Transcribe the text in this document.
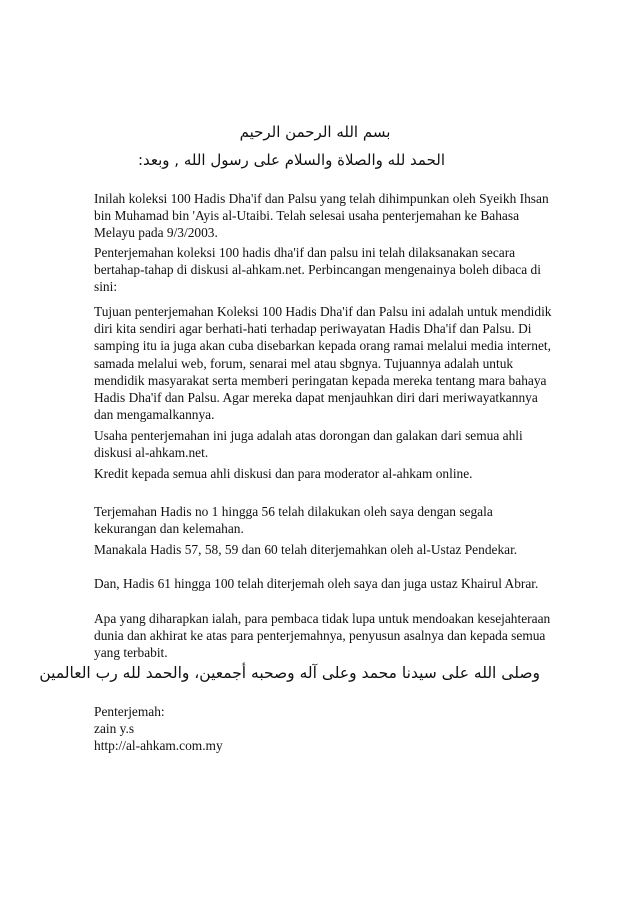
بسم الله الرحمن الرحيم
الحمد لله والصلاة والسلام على رسول الله , وبعد:

Inilah koleksi 100 Hadis Dha'if dan Palsu yang telah dihimpunkan oleh Syeikh Ihsan bin Muhamad bin 'Ayis al-Utaibi. Telah selesai usaha penterjemahan ke Bahasa Melayu pada 9/3/2003.

Penterjemahan koleksi 100 hadis dha'if dan palsu ini telah dilaksanakan secara bertahap-tahap di diskusi al-ahkam.net. Perbincangan mengenainya boleh dibaca di sini:

Tujuan penterjemahan Koleksi 100 Hadis Dha'if dan Palsu ini adalah untuk mendidik diri kita sendiri agar berhati-hati terhadap periwayatan Hadis Dha'if dan Palsu. Di samping itu ia juga akan cuba disebarkan kepada orang ramai melalui media internet, samada melalui web, forum, senarai mel atau sbgnya. Tujuannya adalah untuk mendidik masyarakat serta memberi peringatan kepada mereka tentang mara bahaya Hadis Dha'if dan Palsu. Agar mereka dapat menjauhkan diri dari meriwayatkannya dan mengamalkannya.

Usaha penterjemahan ini juga adalah atas dorongan dan galakan dari semua ahli diskusi al-ahkam.net.

Kredit kepada semua ahli diskusi dan para moderator al-ahkam online.

Terjemahan Hadis no 1 hingga 56 telah dilakukan oleh saya dengan segala kekurangan dan kelemahan.

Manakala Hadis 57, 58, 59 dan 60 telah diterjemahkan oleh al-Ustaz Pendekar.

Dan, Hadis 61 hingga 100 telah diterjemah oleh saya dan juga ustaz Khairul Abrar.

Apa yang diharapkan ialah, para pembaca tidak lupa untuk mendoakan kesejahteraan dunia dan akhirat ke atas para penterjemahnya, penyusun asalnya dan kepada semua yang terbabit.

وصلى الله على سيدنا محمد وعلى آله وصحبه أجمعين، والحمد لله رب العالمين
Penterjemah:
zain y.s
http://al-ahkam.com.my
